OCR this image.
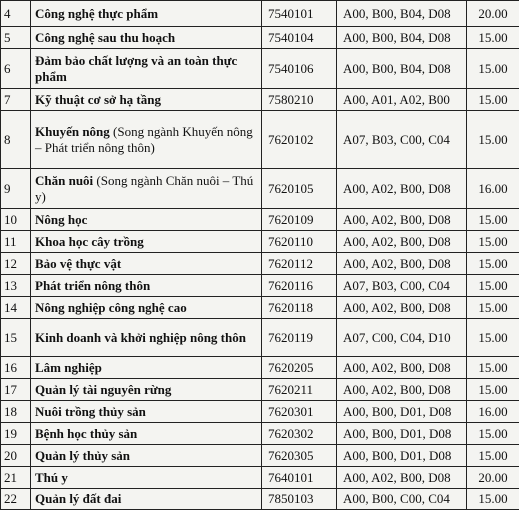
4	Công nghệ thực phẩm	7540101	A00, B00, B04, D08	20.00
5	Công nghệ sau thu hoạch	7540104	A00, B00, B04, D08	15.00
6	Đảm bảo chất lượng và an toàn thực phẩm	7540106	A00, B00, B04, D08	15.00
7	Kỹ thuật cơ sở hạ tầng	7580210	A00, A01, A02, B00	15.00
8	Khuyến nông (Song ngành Khuyến nông – Phát triển nông thôn)	7620102	A07, B03, C00, C04	15.00
9	Chăn nuôi (Song ngành Chăn nuôi – Thú y)	7620105	A00, A02, B00, D08	16.00
10	Nông học	7620109	A00, A02, B00, D08	15.00
11	Khoa học cây trồng	7620110	A00, A02, B00, D08	15.00
12	Bảo vệ thực vật	7620112	A00, A02, B00, D08	15.00
13	Phát triển nông thôn	7620116	A07, B03, C00, C04	15.00
14	Nông nghiệp công nghệ cao	7620118	A00, A02, B00, D08	15.00
15	Kinh doanh và khởi nghiệp nông thôn	7620119	A07, C00, C04, D10	15.00
16	Lâm nghiệp	7620205	A00, A02, B00, D08	15.00
17	Quản lý tài nguyên rừng	7620211	A00, A02, B00, D08	15.00
18	Nuôi trồng thủy sản	7620301	A00, B00, D01, D08	16.00
19	Bệnh học thủy sản	7620302	A00, B00, D01, D08	15.00
20	Quản lý thủy sản	7620305	A00, B00, D01, D08	15.00
21	Thú y	7640101	A00, A02, B00, D08	20.00
22	Quản lý đất đai	7850103	A00, B00, C00, C04	15.00
